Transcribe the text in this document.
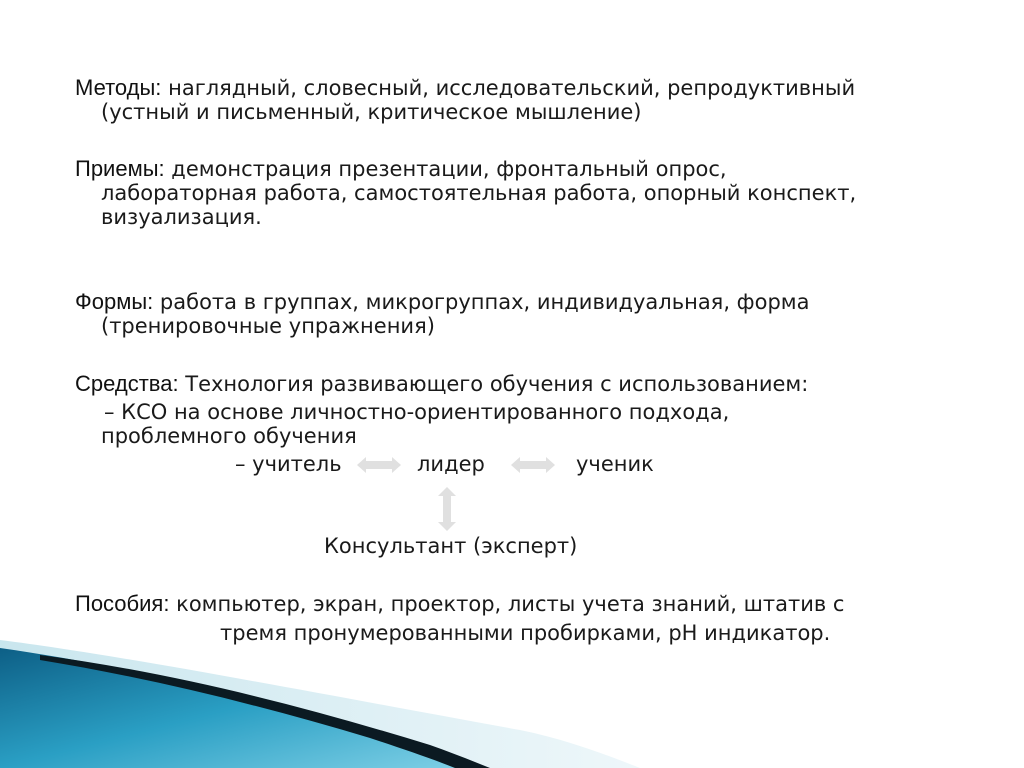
Методы: наглядный, словесный, исследовательский, репродуктивный
(устный и письменный, критическое мышление)
Приемы: демонстрация презентации, фронтальный опрос,
лабораторная работа, самостоятельная работа, опорный конспект,
визуализация.
Формы: работа в группах, микрогруппах, индивидуальная, форма
(тренировочные упражнения)
Средства: Технология развивающего обучения с использованием:
– КСО на основе личностно-ориентированного подхода,
проблемного обучения
– учитель	лидер	ученик
Консультант (эксперт)
Пособия: компьютер, экран, проектор, листы учета знаний, штатив с
тремя пронумерованными пробирками, pH индикатор.
